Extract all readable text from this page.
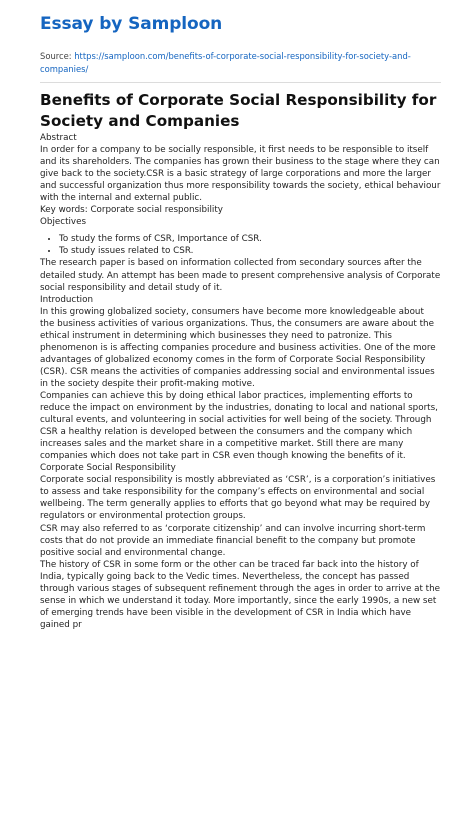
Essay by Samploon
Source: https://samploon.com/benefits-of-corporate-social-responsibility-for-society-and-companies/
Benefits of Corporate Social Responsibility for Society and Companies

Abstract

In order for a company to be socially responsible, it first needs to be responsible to itself and its shareholders. The companies has grown their business to the stage where they can give back to the society.CSR is a basic strategy of large corporations and more the larger and successful organization thus more responsibility towards the society, ethical behaviour with the internal and external public.

Key words: Corporate social responsibility

Objectives

• To study the forms of CSR, Importance of CSR.
• To study issues related to CSR.

The research paper is based on information collected from secondary sources after the detailed study. An attempt has been made to present comprehensive analysis of Corporate social responsibility and detail study of it.

Introduction

In this growing globalized society, consumers have become more knowledgeable about the business activities of various organizations. Thus, the consumers are aware about the ethical instrument in determining which businesses they need to patronize. This phenomenon is is affecting companies procedure and business activities. One of the more advantages of globalized economy comes in the form of Corporate Social Responsibility (CSR). CSR means the activities of companies addressing social and environmental issues in the society despite their profit-making motive.

Companies can achieve this by doing ethical labor practices, implementing efforts to reduce the impact on environment by the industries, donating to local and national sports, cultural events, and volunteering in social activities for well being of the society. Through CSR a healthy relation is developed between the consumers and the company which increases sales and the market share in a competitive market. Still there are many companies which does not take part in CSR even though knowing the benefits of it.

Corporate Social Responsibility

Corporate social responsibility is mostly abbreviated as ‘CSR’, is a corporation’s initiatives to assess and take responsibility for the company’s effects on environmental and social wellbeing. The term generally applies to efforts that go beyond what may be required by regulators or environmental protection groups.

CSR may also referred to as ‘corporate citizenship’ and can involve incurring short-term costs that do not provide an immediate financial benefit to the company but promote positive social and environmental change.

The history of CSR in some form or the other can be traced far back into the history of India, typically going back to the Vedic times. Nevertheless, the concept has passed through various stages of subsequent refinement through the ages in order to arrive at the sense in which we understand it today. More importantly, since the early 1990s, a new set of emerging trends have been visible in the development of CSR in India which have gained pr
